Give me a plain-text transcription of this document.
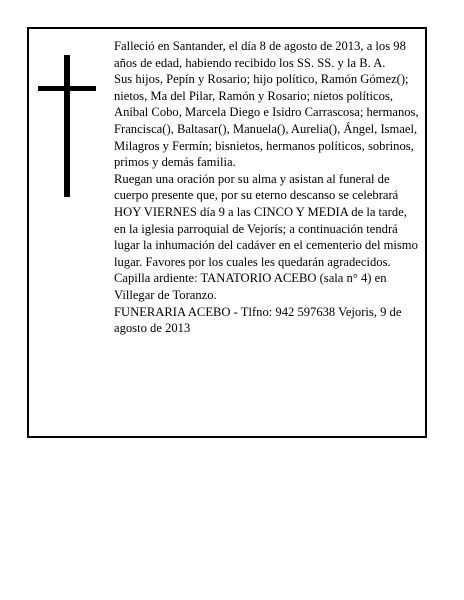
Falleció en Santander, el día 8 de agosto de 2013, a los 98 años de edad, habiendo recibido los SS. SS. y la B. A.

Sus hijos, Pepín y Rosario; hijo político, Ramón Gómez(); nietos, Ma del Pilar, Ramón y Rosario; nietos políticos, Aníbal Cobo, Marcela Diego e Isidro Carrascosa; hermanos, Francisca(), Baltasar(), Manuela(), Aurelia(), Ángel, Ismael, Milagros y Fermín; bisnietos, hermanos políticos, sobrinos, primos y demás familia.

Ruegan una oración por su alma y asistan al funeral de cuerpo presente que, por su eterno descanso se celebrará HOY VIERNES día 9 a las CINCO Y MEDIA de la tarde, en la iglesia parroquial de Vejorís; a continuación tendrá lugar la inhumación del cadáver en el cementerio del mismo lugar. Favores por los cuales les quedarán agradecidos. Capilla ardiente: TANATORIO ACEBO (sala n° 4) en Villegar de Toranzo.

FUNERARIA ACEBO - Tlfno: 942 597638 Vejoris, 9 de agosto de 2013
